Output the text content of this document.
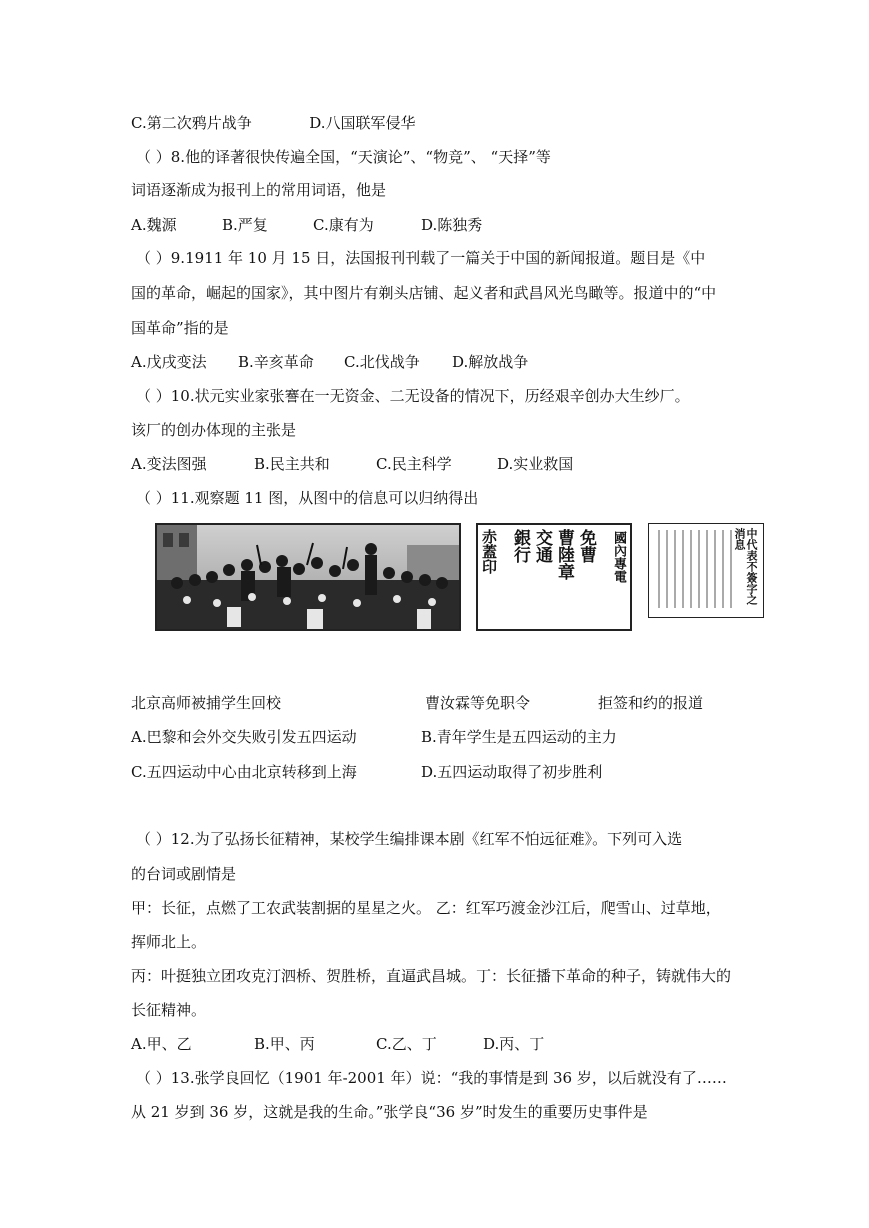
C.第二次鸦片战争	D.八国联军侵华
（ ）8.他的译著很快传遍全国，“天演论”、“物竞”、 “天择”等
词语逐渐成为报刊上的常用词语，他是
A.魏源	B.严复	C.康有为	D.陈独秀
（ ）9.1911 年 10 月 15 日，法国报刊刊载了一篇关于中国的新闻报道。题目是《中
国的革命，崛起的国家》，其中图片有剃头店铺、起义者和武昌风光鸟瞰等。报道中的“中
国革命”指的是
A.戊戌变法 B.辛亥革命 C.北伐战争 D.解放战争
（ ）10.状元实业家张謇在一无资金、二无设备的情况下，历经艰辛创办大生纱厂。
该厂的创办体现的主张是
A.变法图强	B.民主共和	C.民主科学	D.实业救国
（ ）11.观察题 11 图，从图中的信息可以归纳得出
國內專電
免曹
曹陸章
交通
銀行
赤蓋印	中代表不簽字之消息
北京高师被捕学生回校	曹汝霖等免职令	拒签和约的报道
A.巴黎和会外交失败引发五四运动	B.青年学生是五四运动的主力
C.五四运动中心由北京转移到上海	D.五四运动取得了初步胜利
（ ）12.为了弘扬长征精神，某校学生编排课本剧《红军不怕远征难》。下列可入选
的台词或剧情是
甲：长征，点燃了工农武装割据的星星之火。 乙：红军巧渡金沙江后，爬雪山、过草地，
挥师北上。
丙：叶挺独立团攻克汀泗桥、贺胜桥，直逼武昌城。丁：长征播下革命的种子，铸就伟大的
长征精神。
A.甲、乙	B.甲、丙	C.乙、丁	D.丙、丁
（ ）13.张学良回忆（1901 年-2001 年）说：“我的事情是到 36 岁，以后就没有了……
从 21 岁到 36 岁，这就是我的生命。”张学良“36 岁”时发生的重要历史事件是
